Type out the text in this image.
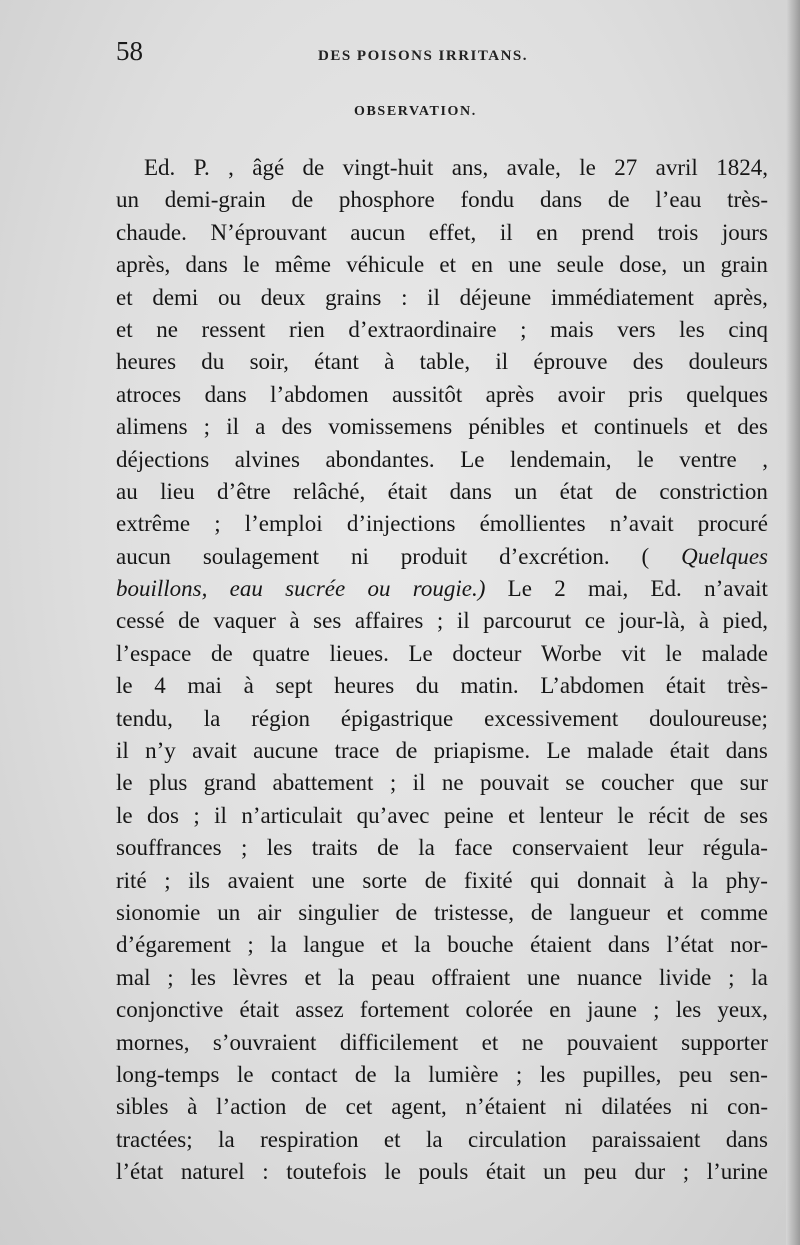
58	DES POISONS IRRITANS.
OBSERVATION.
Ed. P. , âgé de vingt-huit ans, avale, le 27 avril 1824,
un demi-grain de phosphore fondu dans de l’eau très-
chaude. N’éprouvant aucun effet, il en prend trois jours
après, dans le même véhicule et en une seule dose, un grain
et demi ou deux grains : il déjeune immédiatement après,
et ne ressent rien d’extraordinaire ; mais vers les cinq
heures du soir, étant à table, il éprouve des douleurs
atroces dans l’abdomen aussitôt après avoir pris quelques
alimens ; il a des vomissemens pénibles et continuels et des
déjections alvines abondantes. Le lendemain, le ventre ,
au lieu d’être relâché, était dans un état de constriction
extrême ; l’emploi d’injections émollientes n’avait procuré
aucun soulagement ni produit d’excrétion. ( Quelques
bouillons, eau sucrée ou rougie.) Le 2 mai, Ed. n’avait
cessé de vaquer à ses affaires ; il parcourut ce jour-là, à pied,
l’espace de quatre lieues. Le docteur Worbe vit le malade
le 4 mai à sept heures du matin. L’abdomen était très-
tendu, la région épigastrique excessivement douloureuse;
il n’y avait aucune trace de priapisme. Le malade était dans
le plus grand abattement ; il ne pouvait se coucher que sur
le dos ; il n’articulait qu’avec peine et lenteur le récit de ses
souffrances ; les traits de la face conservaient leur régula-
rité ; ils avaient une sorte de fixité qui donnait à la phy-
sionomie un air singulier de tristesse, de langueur et comme
d’égarement ; la langue et la bouche étaient dans l’état nor-
mal ; les lèvres et la peau offraient une nuance livide ; la
conjonctive était assez fortement colorée en jaune ; les yeux,
mornes, s’ouvraient difficilement et ne pouvaient supporter
long-temps le contact de la lumière ; les pupilles, peu sen-
sibles à l’action de cet agent, n’étaient ni dilatées ni con-
tractées; la respiration et la circulation paraissaient dans
l’état naturel : toutefois le pouls était un peu dur ; l’urine
